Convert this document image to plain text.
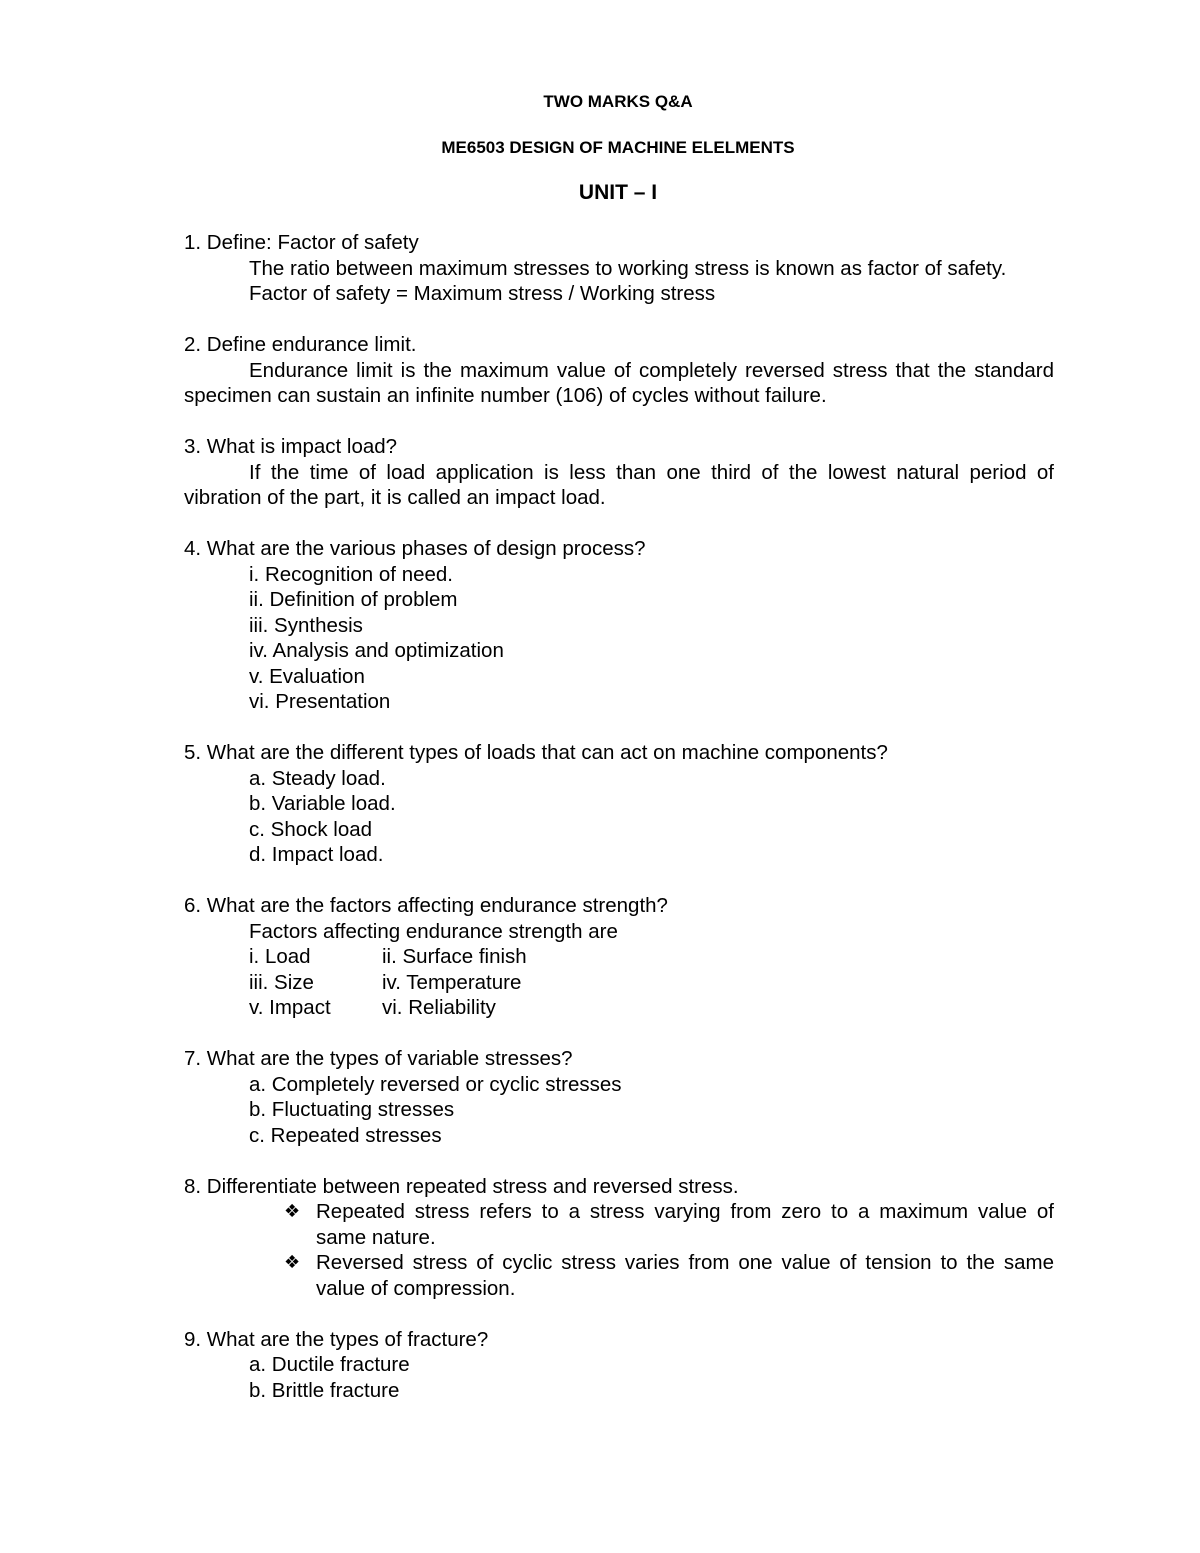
TWO MARKS Q&A
ME6503 DESIGN OF MACHINE ELELMENTS
UNIT – I

1. Define: Factor of safety

The ratio between maximum stresses to working stress is known as factor of safety.

Factor of safety = Maximum stress / Working stress

2. Define endurance limit.

Endurance limit is the maximum value of completely reversed stress that the standard specimen can sustain an infinite number (106) of cycles without failure.

3. What is impact load?

If the time of load application is less than one third of the lowest natural period of vibration of the part, it is called an impact load.

4. What are the various phases of design process?

i. Recognition of need.

ii. Definition of problem

iii. Synthesis

iv. Analysis and optimization

v. Evaluation

vi. Presentation

5. What are the different types of loads that can act on machine components?

a. Steady load.

b. Variable load.

c. Shock load

d. Impact load.

6. What are the factors affecting endurance strength?

Factors affecting endurance strength are

i. Load	ii. Surface finish
iii. Size	iv. Temperature
v. Impact	vi. Reliability

7. What are the types of variable stresses?

a. Completely reversed or cyclic stresses

b. Fluctuating stresses

c. Repeated stresses

8. Differentiate between repeated stress and reversed stress.

❖ Repeated stress refers to a stress varying from zero to a maximum value of same nature.
❖ Reversed stress of cyclic stress varies from one value of tension to the same value of compression.

9. What are the types of fracture?

a. Ductile fracture

b. Brittle fracture
